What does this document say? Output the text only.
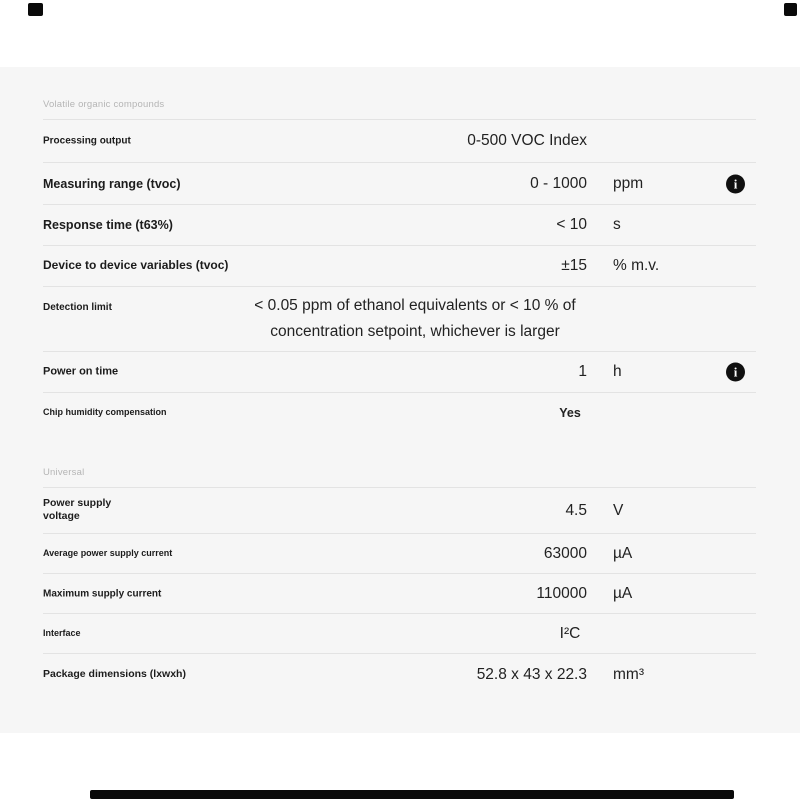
Volatile organic compounds
Processing output	0-500 VOC Index
Measuring range (tvoc)	0 - 1000 ppm	i
Response time (t63%)	< 10 s
Device to device variables (tvoc)	±15 % m.v.
Detection limit	< 0.05 ppm of ethanol equivalents or < 10 % of concentration setpoint, whichever is larger
Power on time	1 h	i
Chip humidity compensation	Yes
Universal
Power supply voltage	4.5 V
Average power supply current	63000 µA
Maximum supply current	110000 µA
Interface	I²C
Package dimensions (lxwxh)	52.8 x 43 x 22.3 mm³
